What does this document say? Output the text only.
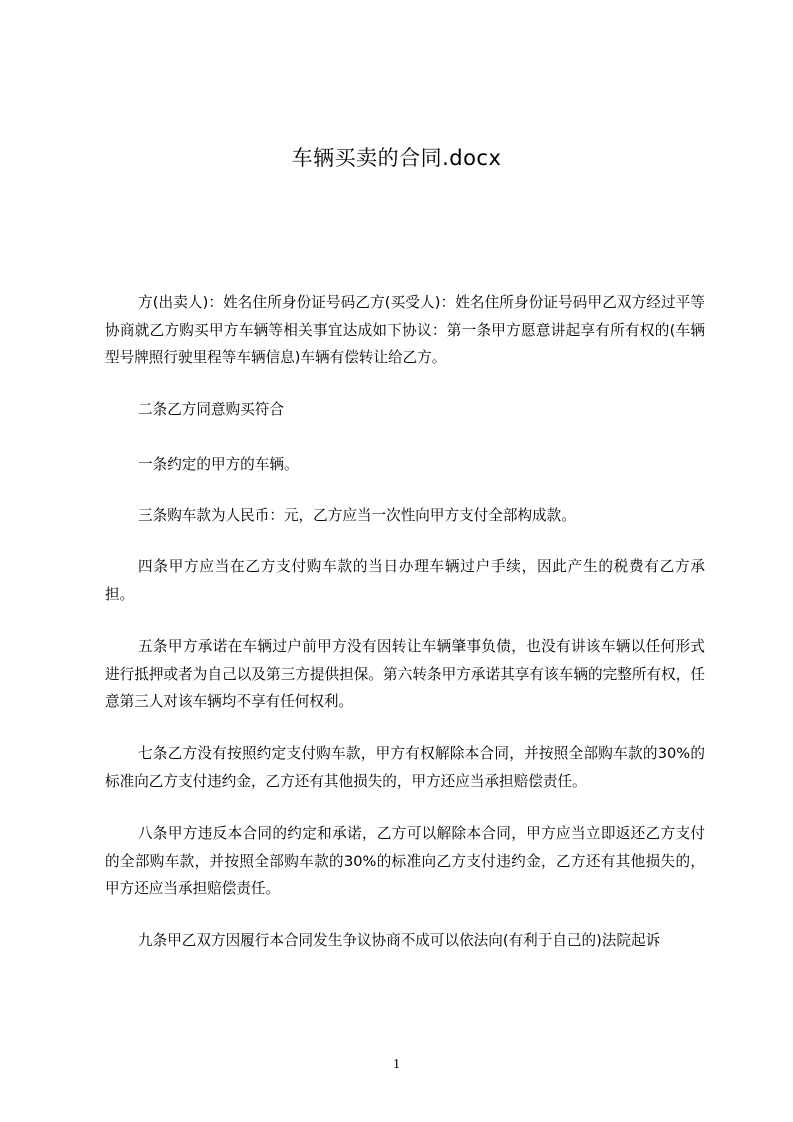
车辆买卖的合同.docx

方(出卖人)：姓名住所身份证号码乙方(买受人)：姓名住所身份证号码甲乙双方经过平等协商就乙方购买甲方车辆等相关事宜达成如下协议：第一条甲方愿意讲起享有所有权的(车辆型号牌照行驶里程等车辆信息)车辆有偿转让给乙方。

二条乙方同意购买符合

一条约定的甲方的车辆。

三条购车款为人民币：元，乙方应当一次性向甲方支付全部构成款。

四条甲方应当在乙方支付购车款的当日办理车辆过户手续，因此产生的税费有乙方承担。

五条甲方承诺在车辆过户前甲方没有因转让车辆肇事负债，也没有讲该车辆以任何形式进行抵押或者为自己以及第三方提供担保。第六转条甲方承诺其享有该车辆的完整所有权，任意第三人对该车辆均不享有任何权利。

七条乙方没有按照约定支付购车款，甲方有权解除本合同，并按照全部购车款的30%的标准向乙方支付违约金，乙方还有其他损失的，甲方还应当承担赔偿责任。

八条甲方违反本合同的约定和承诺，乙方可以解除本合同，甲方应当立即返还乙方支付的全部购车款，并按照全部购车款的30%的标准向乙方支付违约金，乙方还有其他损失的，甲方还应当承担赔偿责任。

九条甲乙双方因履行本合同发生争议协商不成可以依法向(有利于自己的)法院起诉

1
